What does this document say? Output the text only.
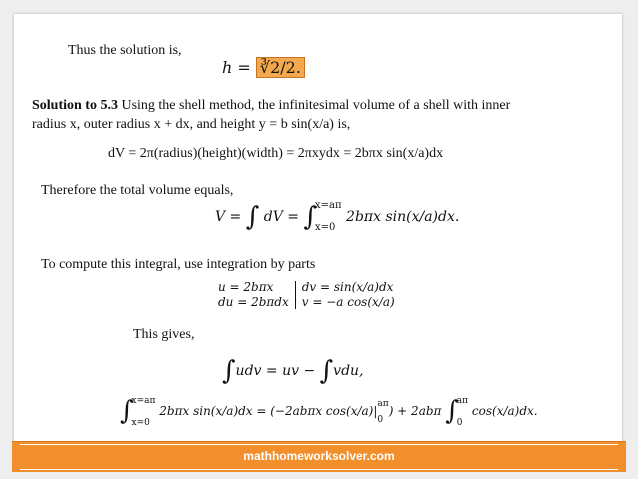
Thus the solution is,
h = ∛2/2.
Solution to 5.3 Using the shell method, the infinitesimal volume of a shell with inner
radius x, outer radius x + dx, and height y = b sin(x/a) is,
dV = 2π(radius)(height)(width) = 2πxydx = 2bπx sin(x/a)dx
Therefore the total volume equals,
V = ∫ dV = ∫
x=aπ
x=0
2bπx sin(x/a)dx.
To compute this integral, use integration by parts
u = 2bπx
du = 2bπdx
dv = sin(x/a)dx
v = −a cos(x/a)
This gives,
∫udv = uv − ∫vdu,
∫
x=aπ
x=0
2bπx sin(x/a)dx = (−2abπx cos(x/a)|
aπ
0
) + 2abπ ∫
aπ
0
cos(x/a)dx.
mathhomeworksolver.com
